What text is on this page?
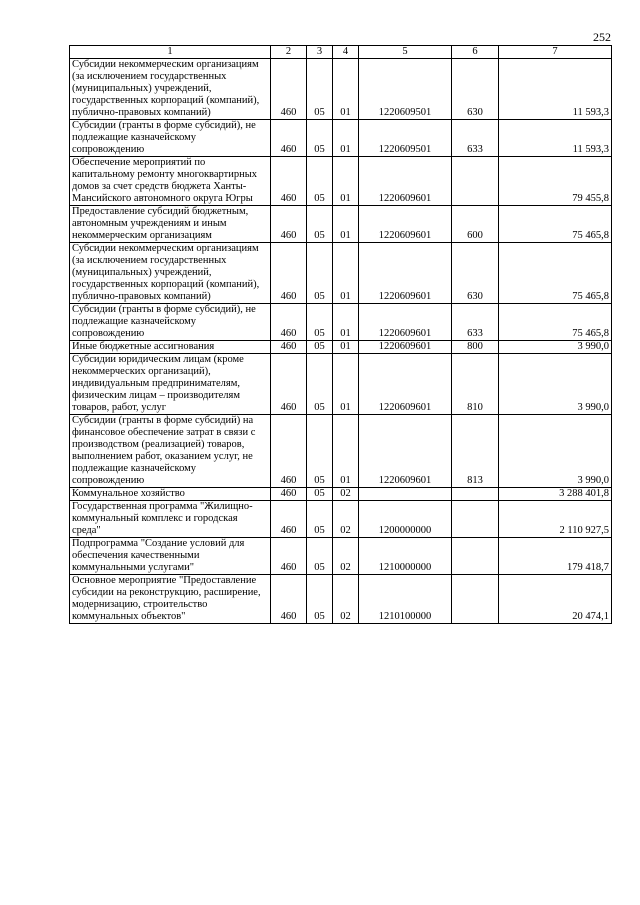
252
1	2	3	4	5	6	7
Субсидии некоммерческим организациям (за исключением государственных (муниципальных) учреждений, государственных корпораций (компаний), публично-правовых компаний)	460	05	01	1220609501	630	11 593,3
Субсидии (гранты в форме субсидий), не подлежащие казначейскому сопровождению	460	05	01	1220609501	633	11 593,3
Обеспечение мероприятий по капитальному ремонту многоквартирных домов за счет средств бюджета Ханты-Мансийского автономного округа Югры	460	05	01	1220609601		79 455,8
Предоставление субсидий бюджетным, автономным учреждениям и иным некоммерческим организациям	460	05	01	1220609601	600	75 465,8
Субсидии некоммерческим организациям (за исключением государственных (муниципальных) учреждений, государственных корпораций (компаний), публично-правовых компаний)	460	05	01	1220609601	630	75 465,8
Субсидии (гранты в форме субсидий), не подлежащие казначейскому сопровождению	460	05	01	1220609601	633	75 465,8
Иные бюджетные ассигнования	460	05	01	1220609601	800	3 990,0
Субсидии юридическим лицам (кроме некоммерческих организаций), индивидуальным предпринимателям, физическим лицам – производителям товаров, работ, услуг	460	05	01	1220609601	810	3 990,0
Субсидии (гранты в форме субсидий) на финансовое обеспечение затрат в связи с производством (реализацией) товаров, выполнением работ, оказанием услуг, не подлежащие казначейскому сопровождению	460	05	01	1220609601	813	3 990,0
Коммунальное хозяйство	460	05	02			3 288 401,8
Государственная программа "Жилищно-коммунальный комплекс и городская среда"	460	05	02	1200000000		2 110 927,5
Подпрограмма "Создание условий для обеспечения качественными коммунальными услугами"	460	05	02	1210000000		179 418,7
Основное мероприятие "Предоставление субсидии на реконструкцию, расширение, модернизацию, строительство коммунальных объектов"	460	05	02	1210100000		20 474,1
